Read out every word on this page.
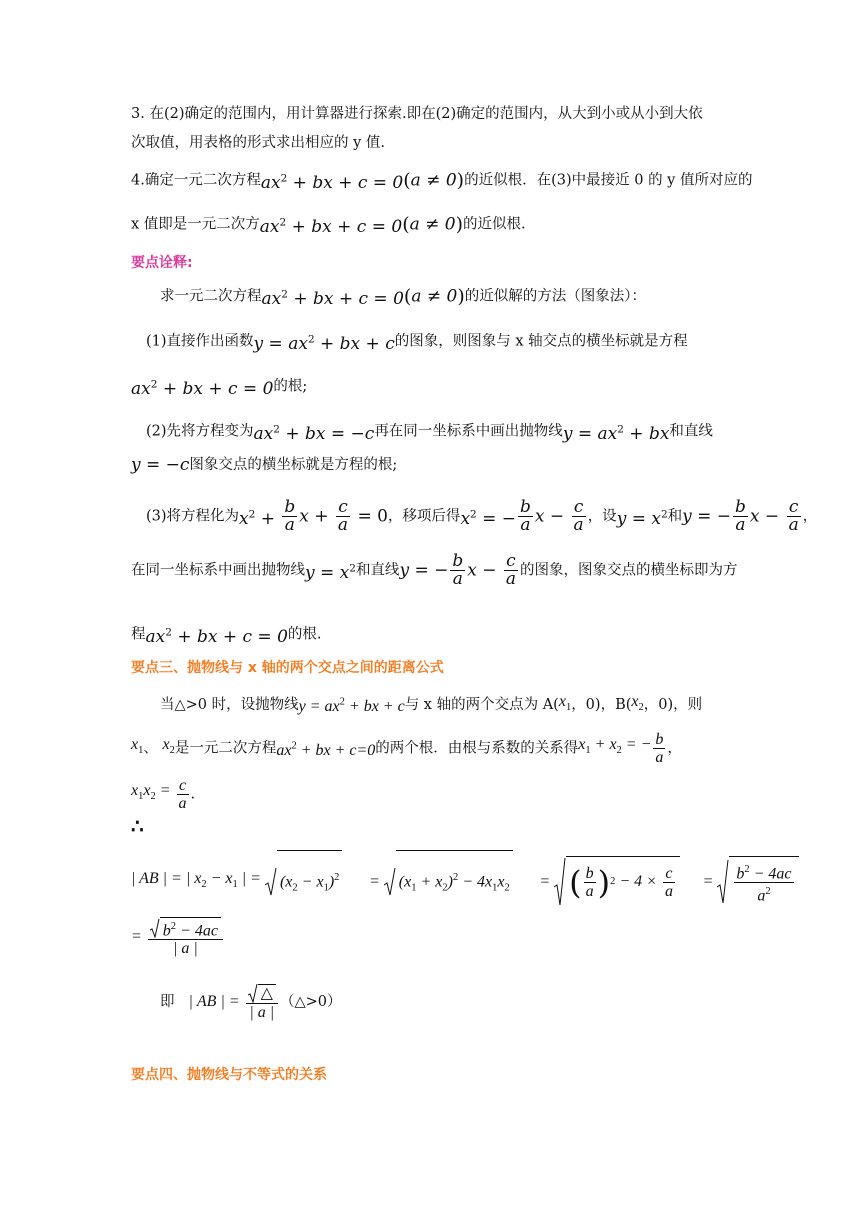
3. 在(2)确定的范围内，用计算器进行探索.即在(2)确定的范围内，从大到小或从小到大依
次取值，用表格的形式求出相应的 y 值.
4.确定一元二次方程$ax^2$ + bx + c = 0(a ≠ 0)的近似根．在(3)中最接近 0 的 y 值所对应的
x 值即是一元二次方$ax^2$ + bx + c = 0(a ≠ 0)的近似根.
要点诠释:
求一元二次方程$ax^2$ + bx + c = 0(a ≠ 0)的近似解的方法（图象法）：
(1)直接作出函数$y = ax^2$ + bx + c的图象，则图象与 x 轴交点的横坐标就是方程
$ax^2$ + bx + c = 0的根;
(2)先将方程变为$ax^2$ + bx = −c再在同一坐标系中画出抛物线$y = ax^2$ + bx和直线
y = −c图象交点的横坐标就是方程的根;
(3)将方程化为$x^2 + \frac{b}{a}$ $x + \frac{c}{a} = 0$，移项后得$x^2$ = − $\frac{b}{a}$ $x - \frac{c}{a}$ ，设$y = x^2$和y = − $\frac{b}{a}$ $x - \frac{c}{a}$ ，
在同一坐标系中画出抛物线$y = x^2$和直线y = − $\frac{b}{a}$ $x - \frac{c}{a}$ 的图象，图象交点的横坐标即为方
程$ax^2$ + bx + c = 0的根.
要点三、抛物线与 x 轴的两个交点之间的距离公式
当△>0 时，设抛物线$y = ax^2$ + bx + c与 x 轴的两个交点为 $A(x_1$，0)，$B(x_2$，0)，则
$x_1$、 $x_2$是一元二次方程$ax^2$ + bx + c=0的两个根．由根与系数的关系得$x_1 + x_2$ = − $\frac{b}{a}$ ，
$x_1x_2 = \frac{c}{a}$ .
∴
| AB | = | $x_2 - x_1$ | = $(x_2 - x_1)^2 = (x_1 + x_2)^2 - 4x_1x_2$ = ( $\frac{b}{a} )^2 - 4 \times \frac{c}{a} = \frac{b^2 - 4ac}{a^2}$
= $\frac{b^2 - 4ac}{| a |}$
即 | AB | = $\frac{\triangle}{| a |}$ （△>0）
要点四、抛物线与不等式的关系
